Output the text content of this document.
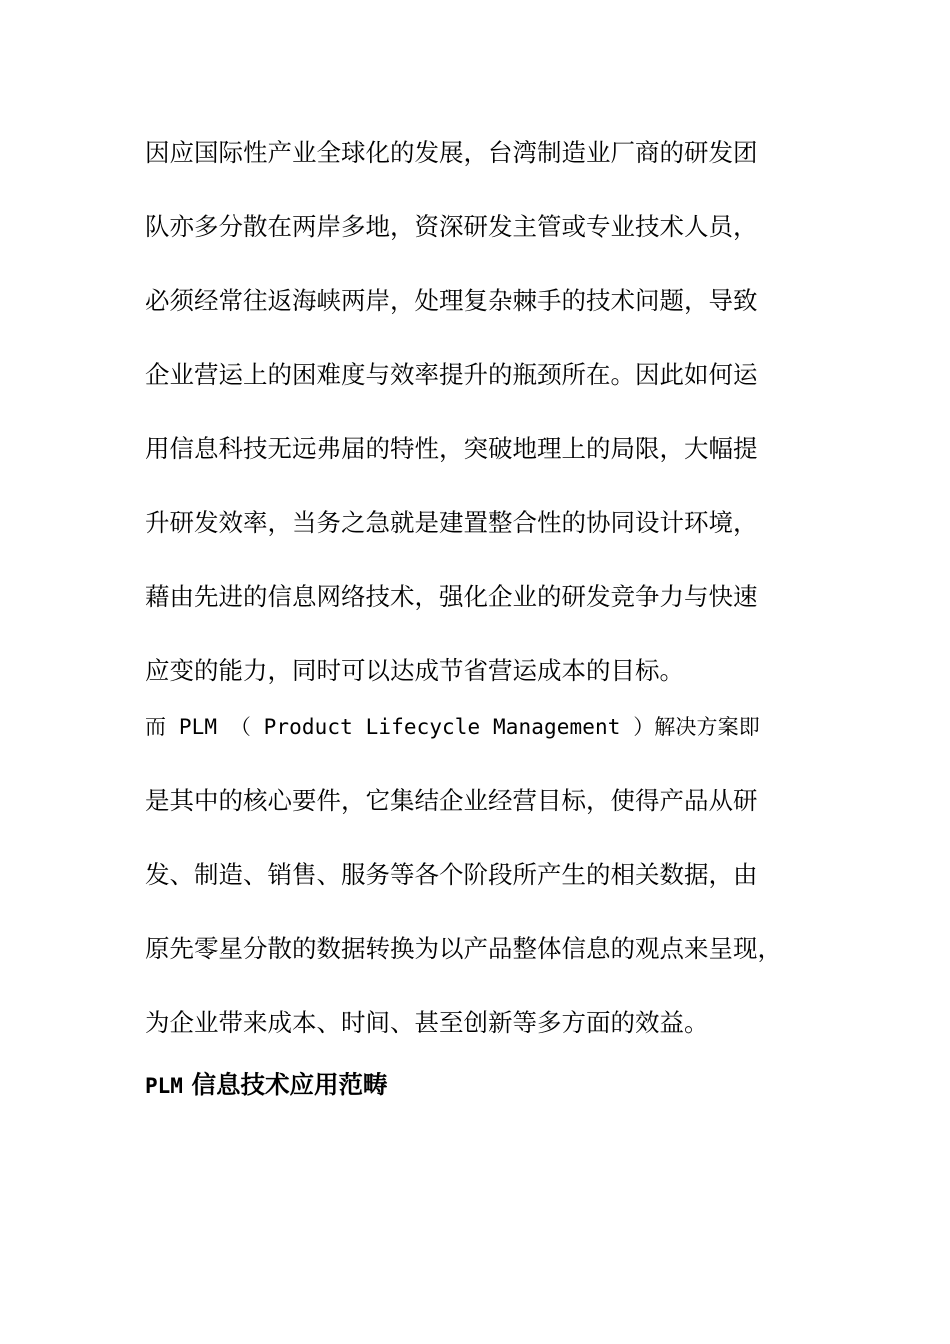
因应国际性产业全球化的发展，台湾制造业厂商的研发团
队亦多分散在两岸多地，资深研发主管或专业技术人员，
必须经常往返海峡两岸，处理复杂棘手的技术问题，导致
企业营运上的困难度与效率提升的瓶颈所在。因此如何运
用信息科技无远弗届的特性，突破地理上的局限，大幅提
升研发效率，当务之急就是建置整合性的协同设计环境，
藉由先进的信息网络技术，强化企业的研发竞争力与快速
应变的能力，同时可以达成节省营运成本的目标。
而 PLM （ Product Lifecycle Management ）解决方案即
是其中的核心要件，它集结企业经营目标，使得产品从研
发、制造、销售、服务等各个阶段所产生的相关数据，由
原先零星分散的数据转换为以产品整体信息的观点来呈现，
为企业带来成本、时间、甚至创新等多方面的效益。
PLM 信息技术应用范畴
